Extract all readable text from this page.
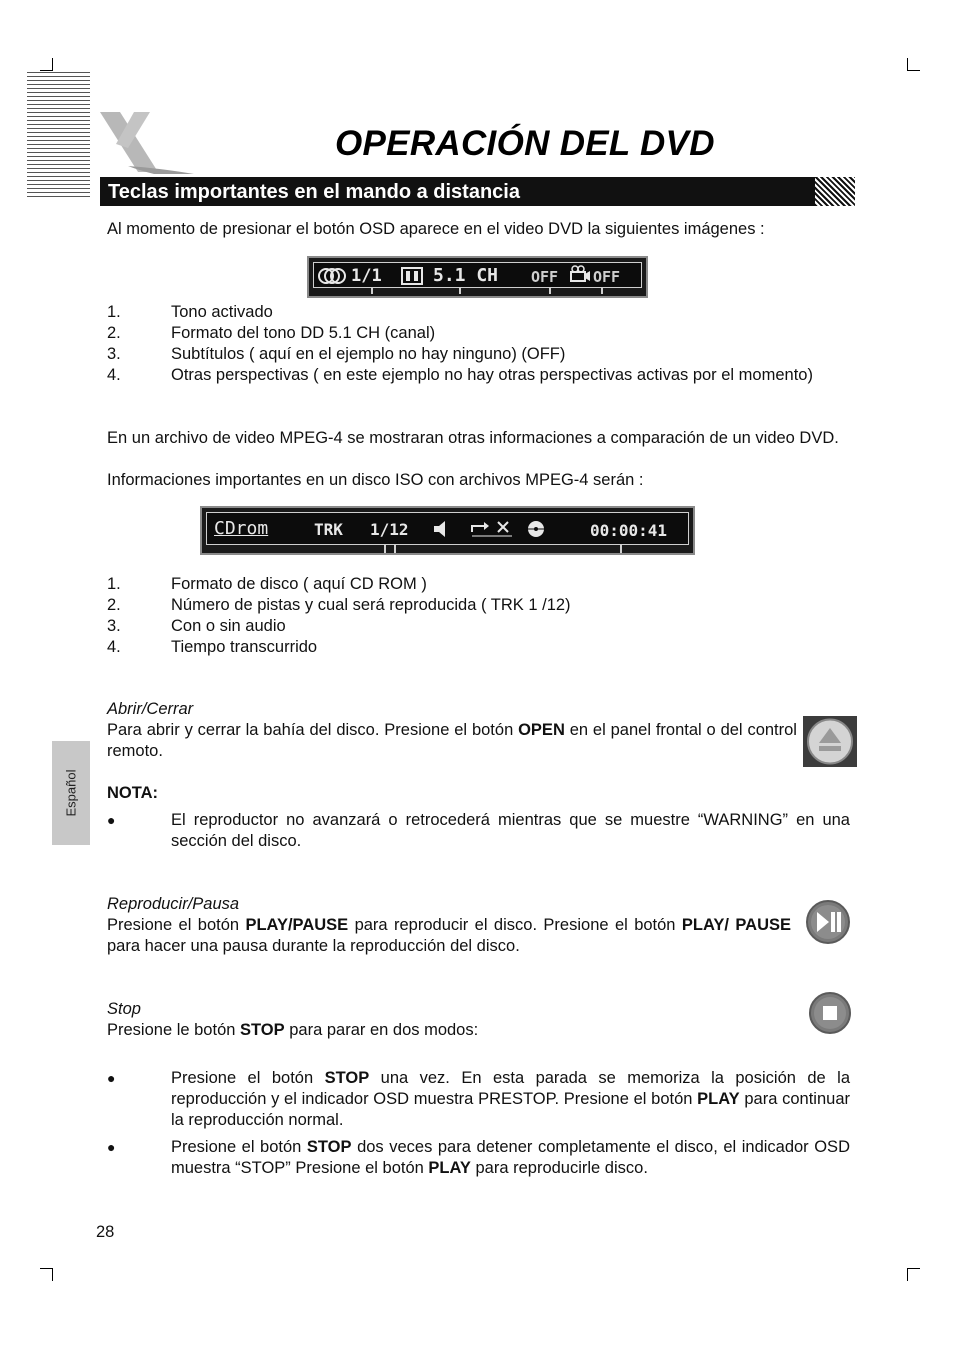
OPERACIÓN DEL DVD
Teclas importantes en el mando a distancia
Al momento de presionar el botón OSD aparece en el video DVD la siguientes imágenes :
1/1	5.1 CH OFF OFF
1.	Tono activado
2.	Formato del tono DD 5.1 CH (canal)
3.	Subtítulos ( aquí en el ejemplo no hay ninguno) (OFF)
4.	Otras perspectivas ( en este ejemplo no hay otras perspectivas activas por el momento)
En un archivo de video MPEG-4 se mostraran otras informaciones a comparación de un video DVD.
Informaciones importantes en un disco ISO con archivos MPEG-4 serán :
CDrom	TRK 1/12	00:00:41
1.	Formato de disco ( aquí CD ROM )
2.	Número de pistas y cual será reproducida ( TRK 1 /12)
3.	Con o sin audio
4.	Tiempo transcurrido
Abrir/Cerrar
Para abrir y cerrar la bahía del disco. Presione el botón OPEN en el panel frontal o del control remoto.
NOTA:
●	El reproductor no avanzará o retrocederá mientras que se muestre “WARNING” en una sección del disco.
Español
Reproducir/Pausa
Presione el botón PLAY/PAUSE para reproducir el disco. Presione el botón PLAY/ PAUSE para hacer una pausa durante la reproducción del disco.
Stop
Presione le botón STOP para parar en dos modos:
●	Presione el botón STOP una vez. En esta parada se memoriza la posición de la reproducción y el indicador OSD muestra PRESTOP. Presione el botón PLAY para continuar la reproducción normal.
●	Presione el botón STOP dos veces para detener completamente el disco, el indicador OSD muestra “STOP” Presione el botón PLAY para reproducirle disco.
28
